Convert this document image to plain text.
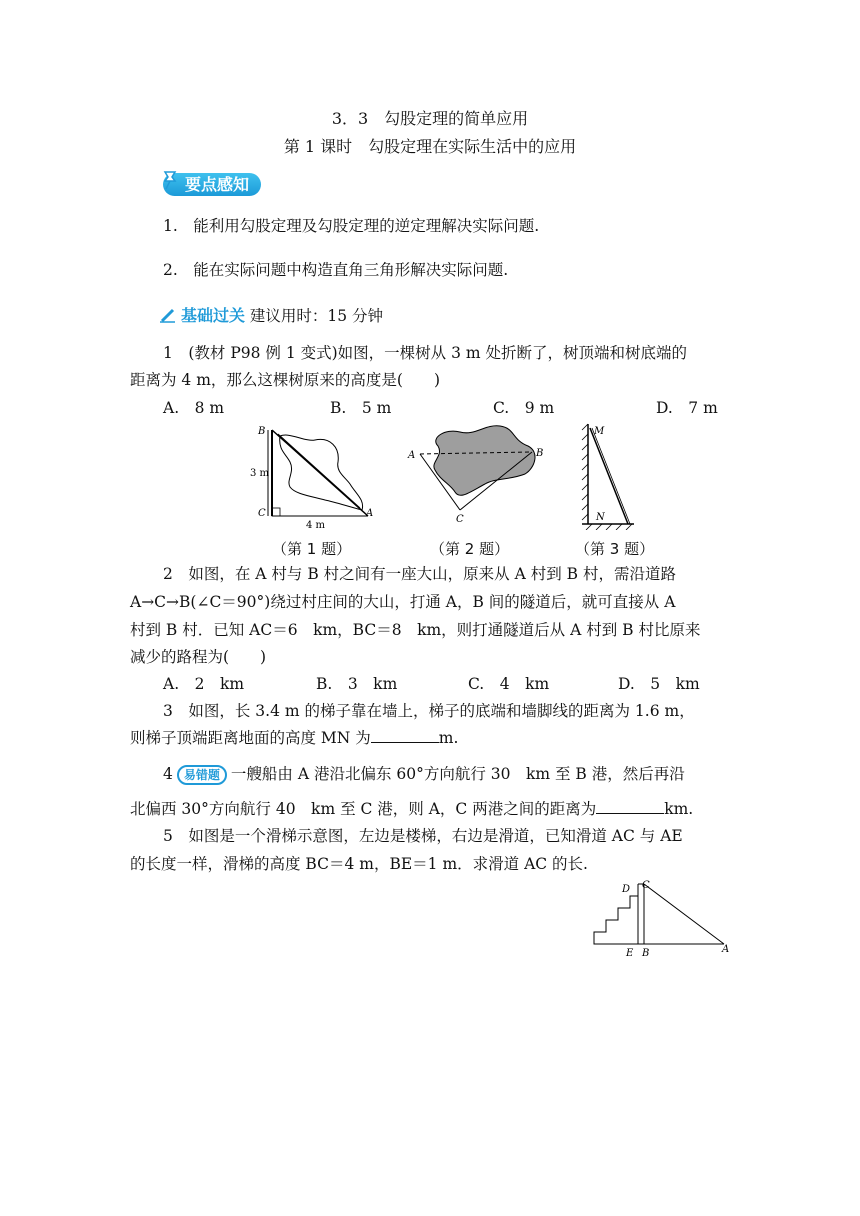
3．3　勾股定理的简单应用
第 1 课时　勾股定理在实际生活中的应用
要点感知
1.　能利用勾股定理及勾股定理的逆定理解决实际问题.
2.　能在实际问题中构造直角三角形解决实际问题.
基础过关 建议用时：15 分钟
1　(教材 P98 例 1 变式)如图，一棵树从 3 m 处折断了，树顶端和树底端的
距离为 4 m，那么这棵树原来的高度是(　　)
A.　8 m	B.　5 m	C.　9 m	D.　7 m
B
3 m
C
4 m
A
（第 1 题）
A	B
C
（第 2 题）
M
N
（第 3 题）
2　如图，在 A 村与 B 村之间有一座大山，原来从 A 村到 B 村，需沿道路
A→C→B(∠C＝90°)绕过村庄间的大山，打通 A，B 间的隧道后，就可直接从 A
村到 B 村．已知 AC＝6　km，BC＝8　km，则打通隧道后从 A 村到 B 村比原来
减少的路程为(　　)
A.　2　km	B.　3　km	C.　4　km	D.　5　km
3　如图，长 3.4 m 的梯子靠在墙上，梯子的底端和墙脚线的距离为 1.6 m，
则梯子顶端距离地面的高度 MN 为	m.
4 易错题 一艘船由 A 港沿北偏东 60°方向航行 30　km 至 B 港，然后再沿
北偏西 30°方向航行 40　km 至 C 港，则 A，C 两港之间的距离为	km.
5　如图是一个滑梯示意图，左边是楼梯，右边是滑道，已知滑道 AC 与 AE
的长度一样，滑梯的高度 BC＝4 m，BE＝1 m．求滑道 AC 的长.
D C
E B	A
